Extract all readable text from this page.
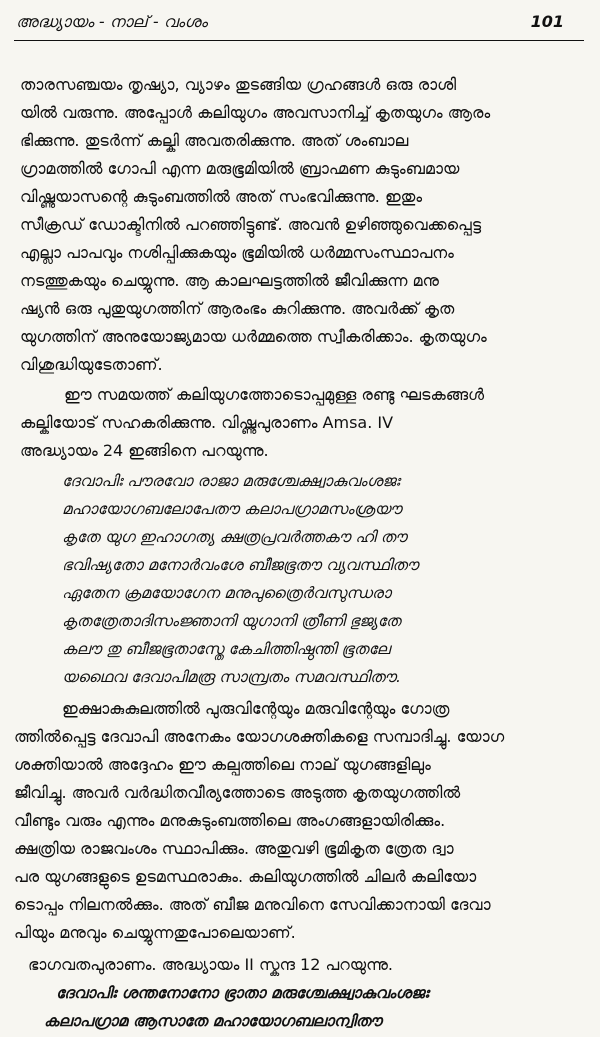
അദ്ധ്യായം - നാല് - വംശം	101
താരസഞ്ചയം തൃഷ്യാ, വ്യാഴം തുടങ്ങിയ ഗ്രഹങ്ങൾ ഒരു രാശി
യിൽ വരുന്നു. അപ്പോൾ കലിയുഗം അവസാനിച്ച് കൃതയുഗം ആരം
ഭിക്കുന്നു. തുടർന്ന് കല്കി അവതരിക്കുന്നു. അത് ശംബാല
ഗ്രാമത്തിൽ ഗോപി എന്ന മരുഭൂമിയിൽ ബ്രാഹ്മണ കുടുംബമായ
വിഷ്ണുയാസന്റെ കുടുംബത്തിൽ അത് സംഭവിക്കുന്നു. ഇതും
സീക്രഡ് ഡോക്ടിനിൽ പറഞ്ഞിട്ടുണ്ട്. അവൻ ഉഴിഞ്ഞുവെക്കപ്പെട്ട
എല്ലാ പാപവും നശിപ്പിക്കുകയും ഭൂമിയിൽ ധർമ്മസംസ്ഥാപനം
നടത്തുകയും ചെയ്യുന്നു. ആ കാലഘട്ടത്തിൽ ജീവിക്കുന്ന മനു
ഷ്യൻ ഒരു പുതുയുഗത്തിന് ആരംഭം കുറിക്കുന്നു. അവർക്ക് കൃത
യുഗത്തിന് അനുയോജ്യമായ ധർമ്മത്തെ സ്വീകരിക്കാം. കൃതയുഗം
വിശുദ്ധിയുടേതാണ്.
ഈ സമയത്ത് കലിയുഗത്തോടൊപ്പമുള്ള രണ്ടു ഘടകങ്ങൾ
കല്കിയോട് സഹകരിക്കുന്നു. വിഷ്ണുപുരാണം Amsa. IV
അദ്ധ്യായം 24 ഇങ്ങിനെ പറയുന്നു.
ദേവാപിഃ പൗരവോ രാജാ മരുശ്ചേക്ഷ്വാകുവംശജഃ
മഹായോഗബലോപേതൗ കലാപഗ്രാമസംശ്രയൗ
കൃതേ യുഗ ഇഹാഗത്യ ക്ഷത്രപ്രവർത്തകൗ ഹി തൗ
ഭവിഷ്യതോ മനോർവംശേ ബീജഭൂതൗ വ്യവസ്ഥിതൗ
ഏതേന ക്രമയോഗേന മനുപുത്രൈർവസുന്ധരാ
കൃതത്രേതാദിസംജ്ഞാനി യുഗാനി ത്രീണി ഭുജ്യതേ
കലൗ തു ബീജഭൂതാസ്തേ കേചിത്തിഷ്ഠന്തി ഭൂതലേ
യഥൈവ ദേവാപിമരൂ സാമ്പ്രതം സമവസ്ഥിതൗ.
ഇക്ഷാകുകുലത്തിൽ പുരുവിന്റേയും മരുവിന്റേയും ഗോത്ര
ത്തിൽപ്പെട്ട ദേവാപി അനേകം യോഗശക്തികളെ സമ്പാദിച്ചു. യോഗ
ശക്തിയാൽ അദ്ദേഹം ഈ കല്പത്തിലെ നാല് യുഗങ്ങളിലും
ജീവിച്ചു. അവർ വർദ്ധിതവീര്യത്തോടെ അടുത്ത കൃതയുഗത്തിൽ
വീണ്ടും വരും എന്നും മനുകുടുംബത്തിലെ അംഗങ്ങളായിരിക്കും.
ക്ഷത്രിയ രാജവംശം സ്ഥാപിക്കും. അതുവഴി ഭൂമികൃത ത്രേത ദ്വാ
പര യുഗങ്ങളുടെ ഉടമസ്ഥരാകും. കലിയുഗത്തിൽ ചിലർ കലിയോ
ടൊപ്പം നിലനൽക്കും. അത് ബീജ മനുവിനെ സേവിക്കാനായി ദേവാ
പിയും മനുവും ചെയ്യുന്നതുപോലെയാണ്.
ഭാഗവതപുരാണം. അദ്ധ്യായം II സ്കന്ദ 12 പറയുന്നു.
ദേവാപിഃ ശന്തനോനോ ഭ്രാതാ മരുശ്ചേക്ഷ്വാകുവംശജഃ
കലാപഗ്രാമ ആസാതേ മഹായോഗബലാന്വിതൗ
